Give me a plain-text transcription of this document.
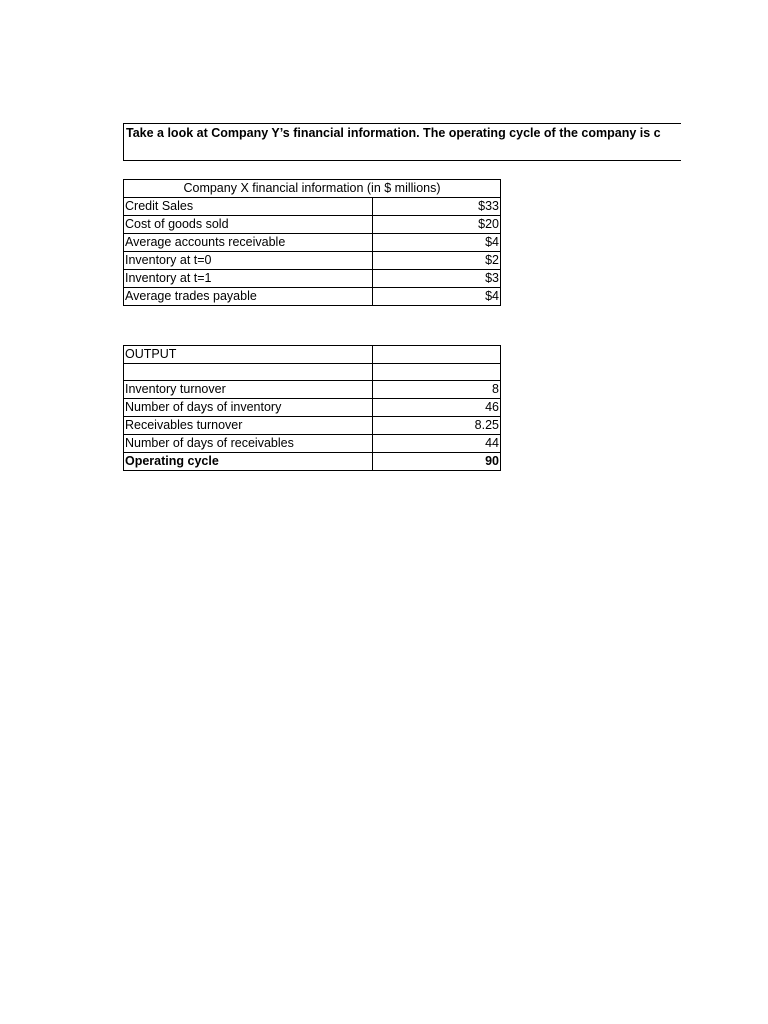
Take a look at Company Y’s financial information. The operating cycle of the company is c
Company X financial information (in $ millions)	
Credit Sales	$33
Cost of goods sold	$20
Average accounts receivable	$4
Inventory at t=0	$2
Inventory at t=1	$3
Average trades payable	$4
OUTPUT	

Inventory turnover	8
Number of days of inventory	46
Receivables turnover	8.25
Number of days of receivables	44
Operating cycle	90
